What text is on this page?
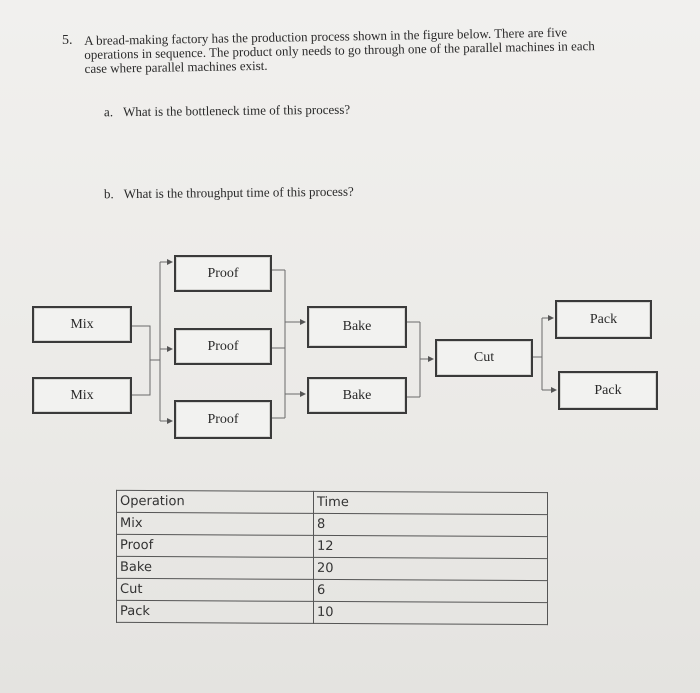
5. A bread-making factory has the production process shown in the figure below. There are five operations in sequence. The product only needs to go through one of the parallel machines in each case where parallel machines exist.
a. What is the bottleneck time of this process?
b. What is the throughput time of this process?
Mix
Mix
Proof
Proof
Proof
Bake
Bake
Cut
Pack
Pack
Operation	Time
Mix	8
Proof	12
Bake	20
Cut	6
Pack	10
